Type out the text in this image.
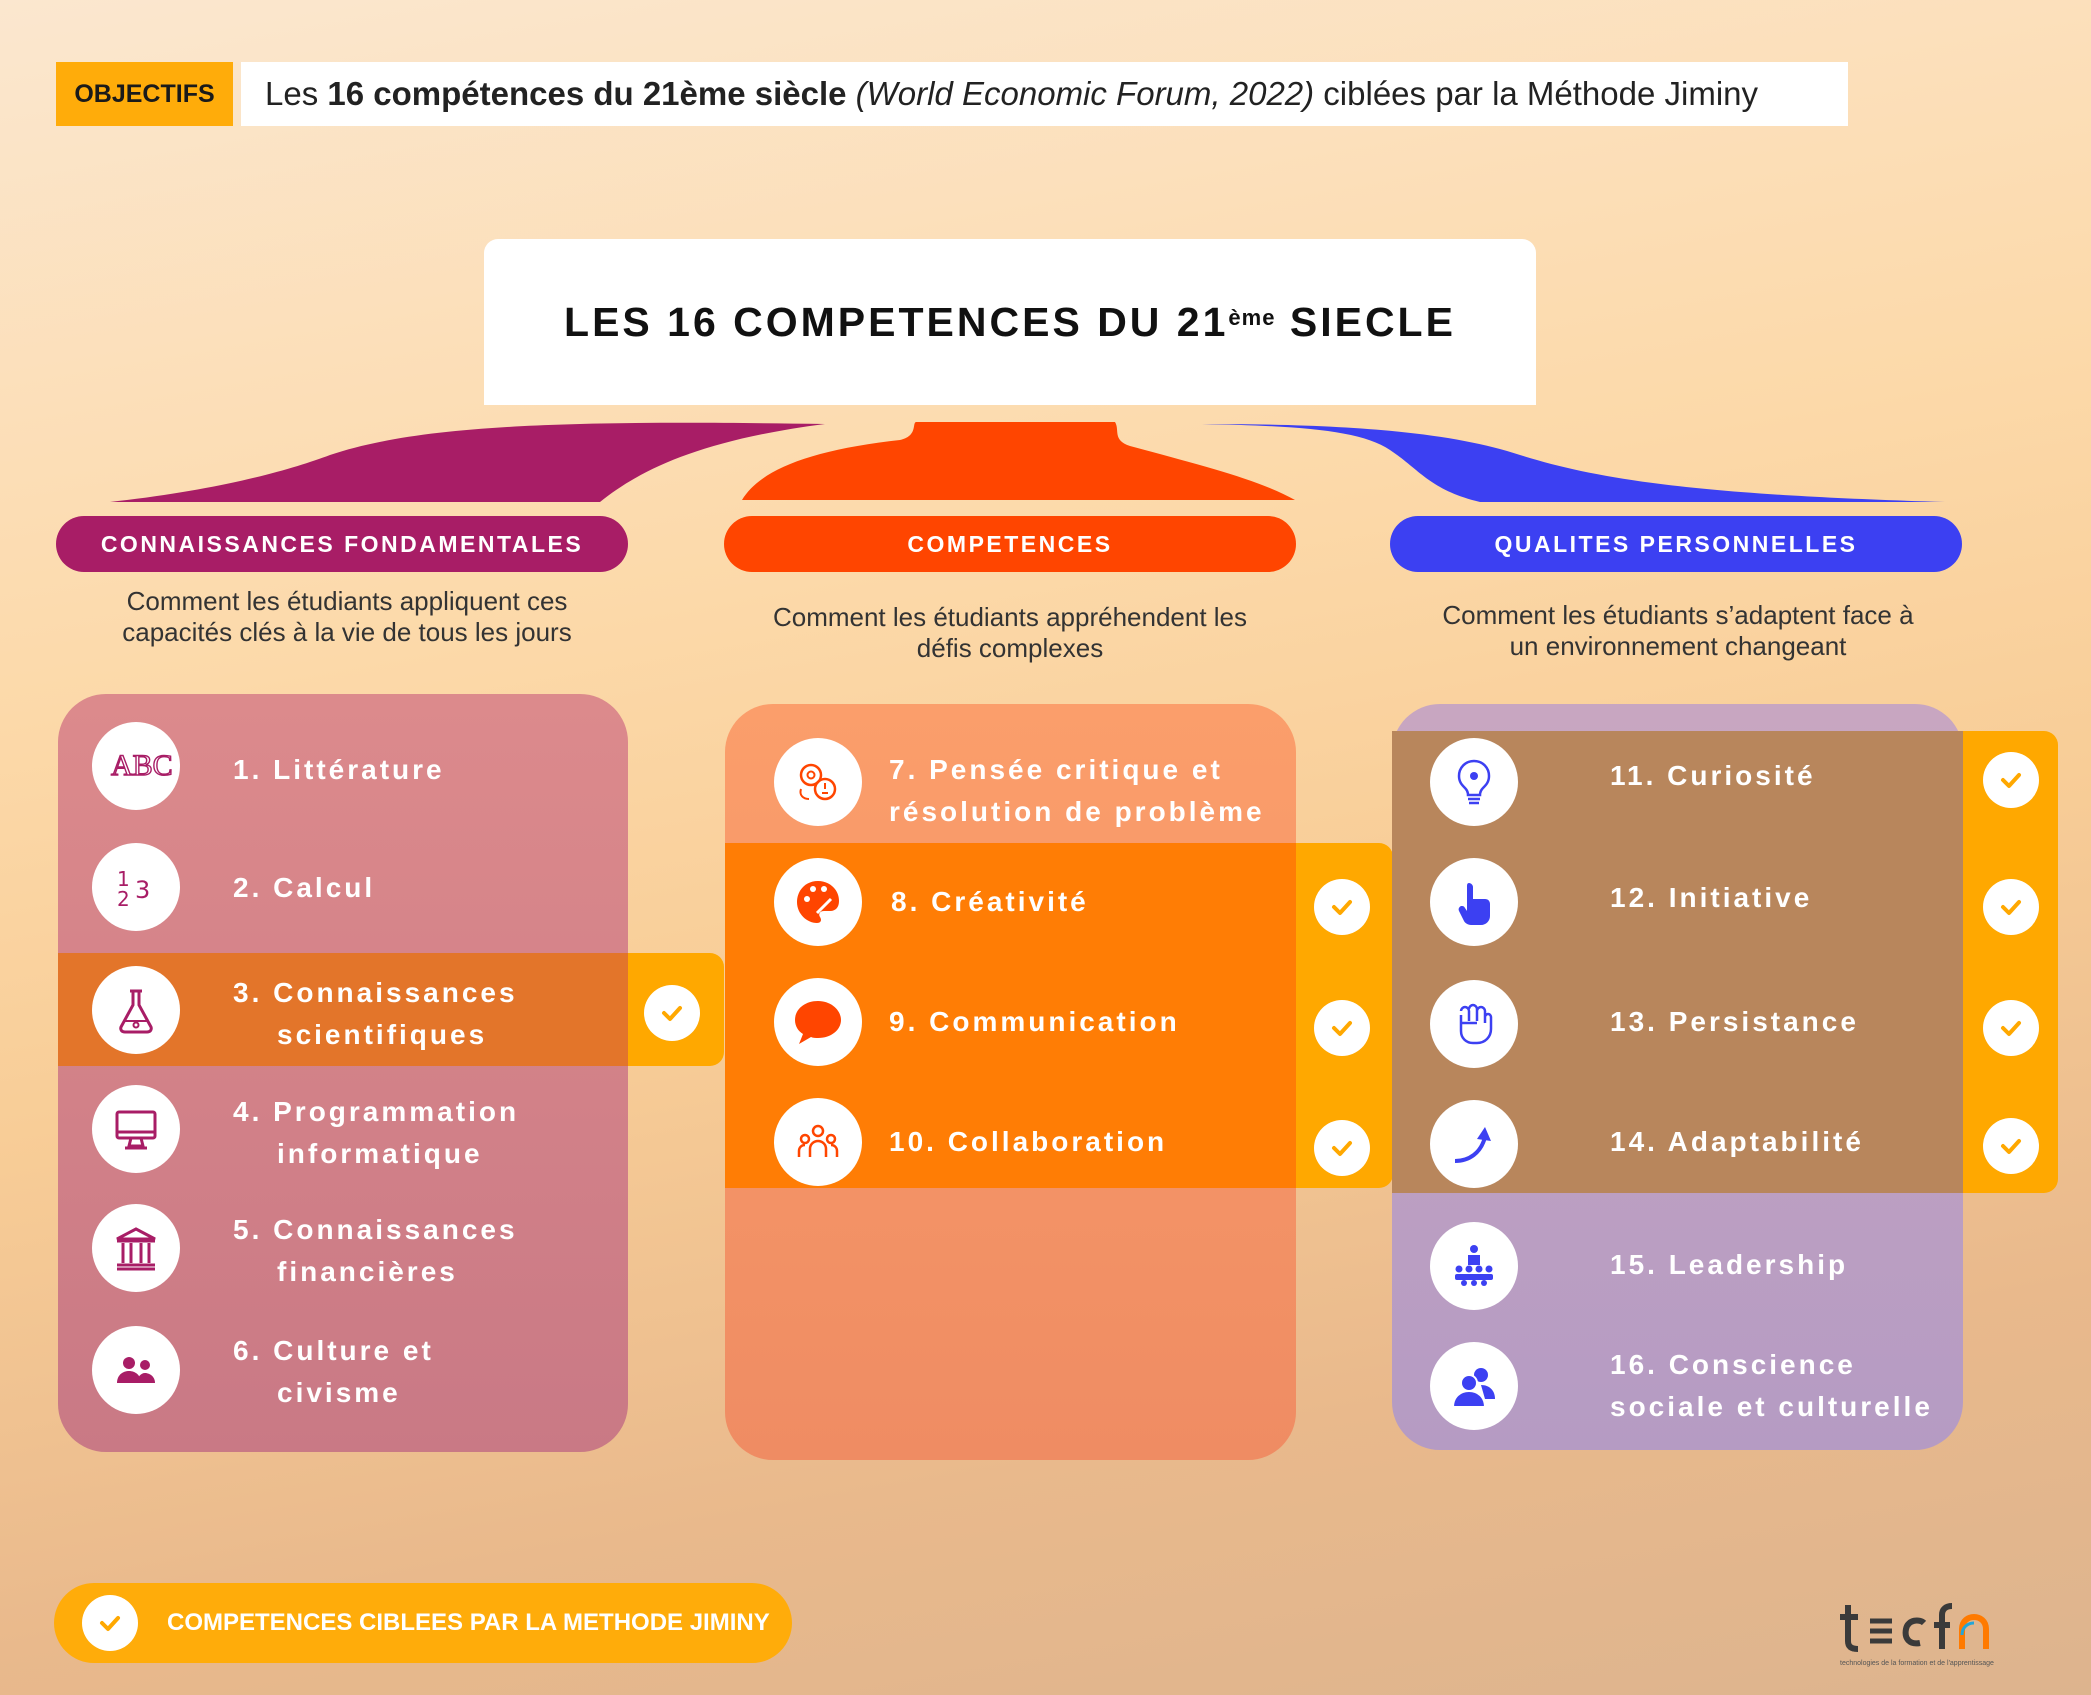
OBJECTIFS	Les 16 compétences du 21ème siècle (World Economic Forum, 2022) ciblées par la Méthode Jiminy
LES 16 COMPETENCES DU 21ème SIECLE
CONNAISSANCES FONDAMENTALES	COMPETENCES	QUALITES PERSONNELLES
Comment les étudiants appliquent ces capacités clés à la vie de tous les jours	Comment les étudiants appréhendent les défis complexes
Comment les étudiants s’adaptent face à un environnement changeant
ABC 1. Littérature
1 3
2	2. Calcul
3. Connaissances
scientifiques
4. Programmation
informatique
5. Connaissances
financières
6. Culture et
civisme
7. Pensée critique et
résolution de problème
8. Créativité
9. Communication
10. Collaboration
11. Curiosité
12. Initiative
13. Persistance
14. Adaptabilité
15. Leadership
16. Conscience
sociale et culturelle
COMPETENCES CIBLEES PAR LA METHODE JIMINY
technologies de la formation et de l'apprentissage
